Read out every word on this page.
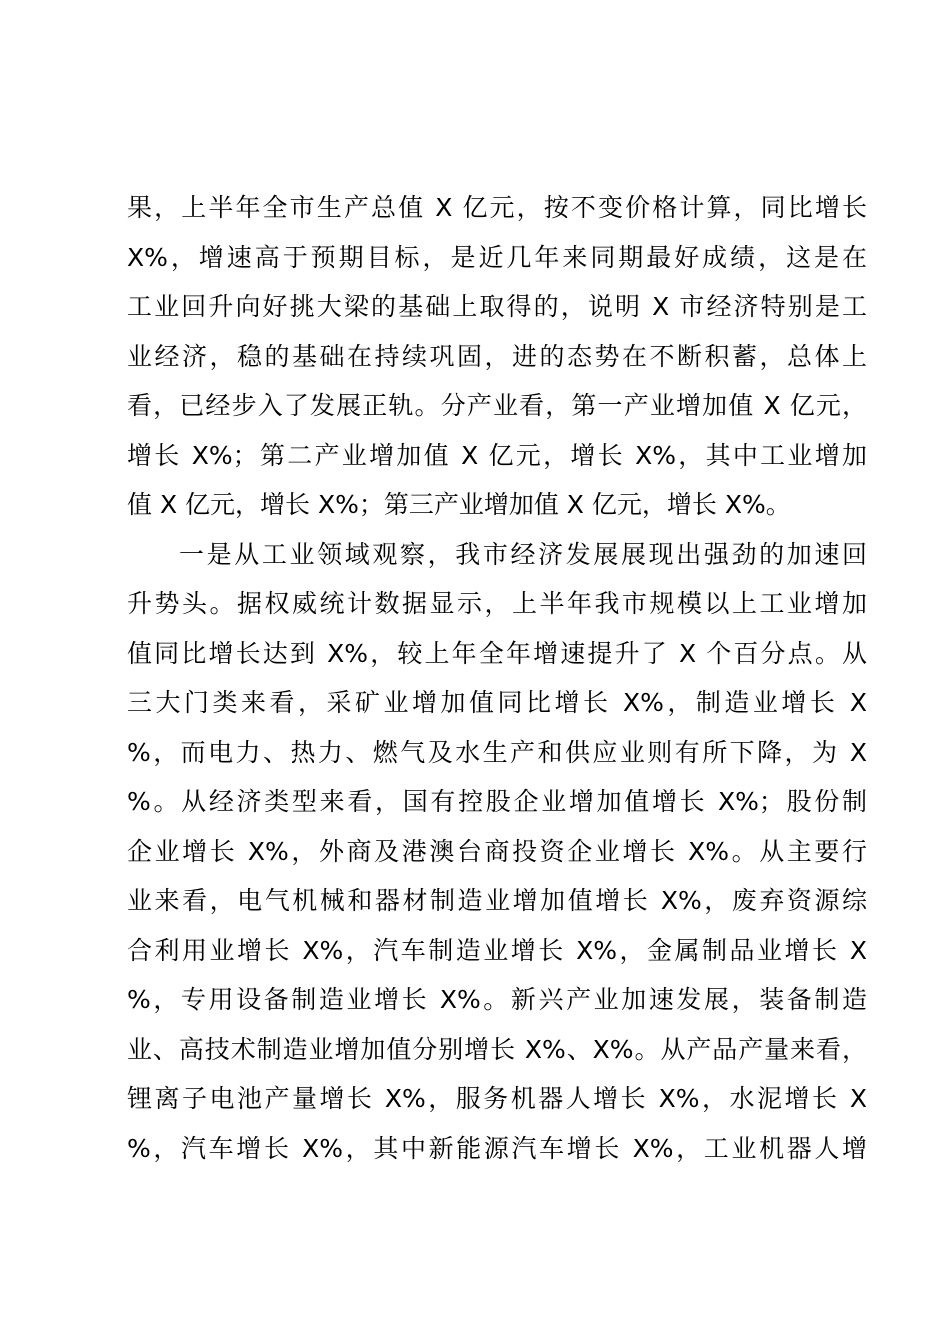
果，上半年全市生产总值 X 亿元，按不变价格计算，同比增长
X%，增速高于预期目标，是近几年来同期最好成绩，这是在
工业回升向好挑大梁的基础上取得的，说明 X 市经济特别是工
业经济，稳的基础在持续巩固，进的态势在不断积蓄，总体上
看，已经步入了发展正轨。分产业看，第一产业增加值 X 亿元，
增长 X%；第二产业增加值 X 亿元，增长 X%，其中工业增加
值 X 亿元，增长 X%；第三产业增加值 X 亿元，增长 X%。
一是从工业领域观察，我市经济发展展现出强劲的加速回
升势头。据权威统计数据显示，上半年我市规模以上工业增加
值同比增长达到 X%，较上年全年增速提升了 X 个百分点。从
三大门类来看，采矿业增加值同比增长 X%，制造业增长 X
%，而电力、热力、燃气及水生产和供应业则有所下降，为 X
%。从经济类型来看，国有控股企业增加值增长 X%；股份制
企业增长 X%，外商及港澳台商投资企业增长 X%。从主要行
业来看，电气机械和器材制造业增加值增长 X%，废弃资源综
合利用业增长 X%，汽车制造业增长 X%，金属制品业增长 X
%，专用设备制造业增长 X%。新兴产业加速发展，装备制造
业、高技术制造业增加值分别增长 X%、X%。从产品产量来看，
锂离子电池产量增长 X%，服务机器人增长 X%，水泥增长 X
%，汽车增长 X%，其中新能源汽车增长 X%，工业机器人增
